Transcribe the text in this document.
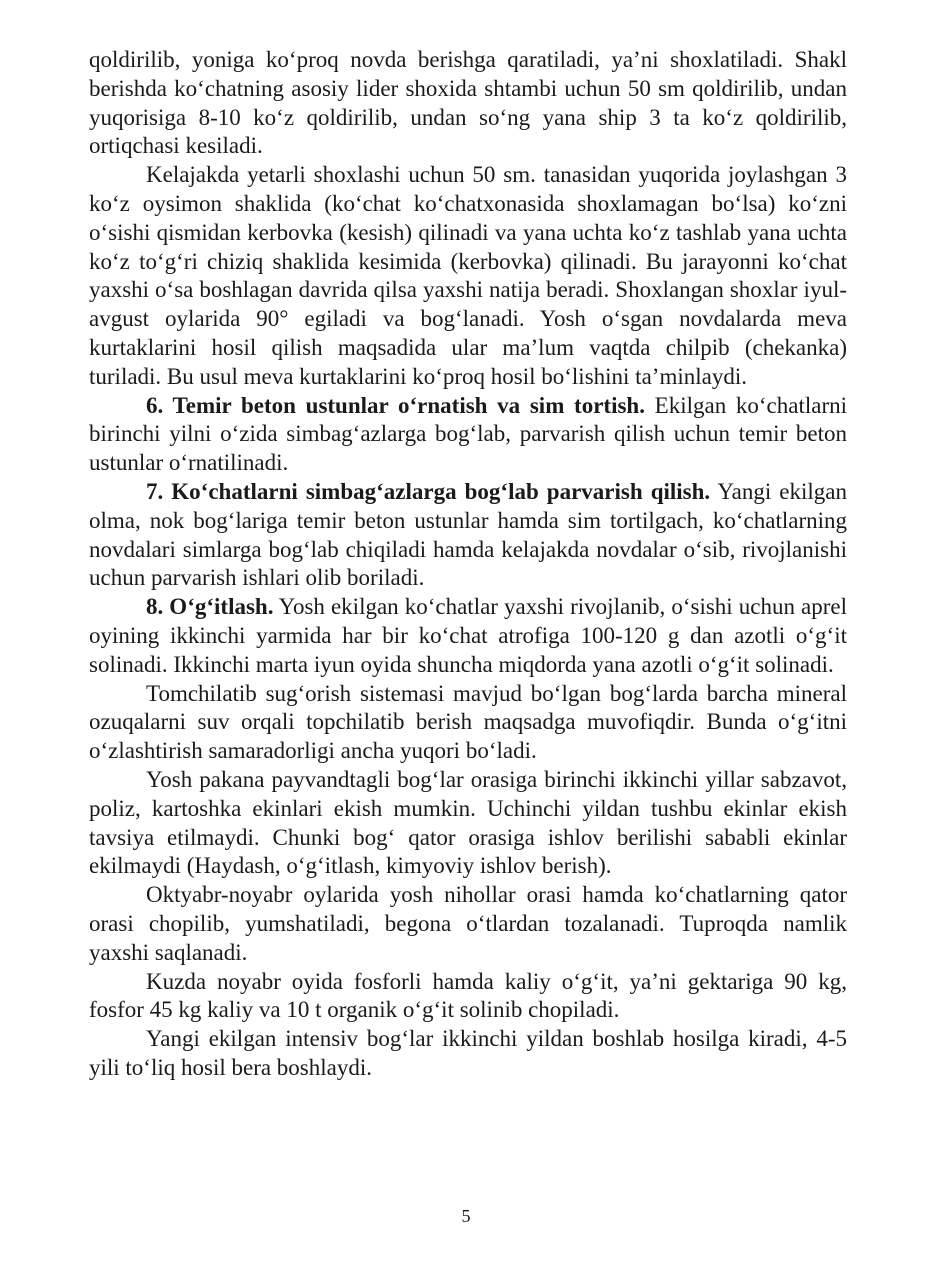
qoldirilib, yoniga ko‘proq novda berishga qaratiladi, ya’ni shoxlatiladi. Shakl berishda ko‘chatning asosiy lider shoxida shtambi uchun 50 sm qoldirilib, undan yuqorisiga 8-10 ko‘z qoldirilib, undan so‘ng yana ship 3 ta ko‘z qoldirilib, ortiqchasi kesiladi.

Kelajakda yetarli shoxlashi uchun 50 sm. tanasidan yuqorida joylashgan 3 ko‘z oysimon shaklida (ko‘chat ko‘chatxonasida shoxlamagan bo‘lsa) ko‘zni o‘sishi qismidan kerbovka (kesish) qilinadi va yana uchta ko‘z tashlab yana uchta ko‘z to‘g‘ri chiziq shaklida kesimida (kerbovka) qilinadi. Bu jarayonni ko‘chat yaxshi o‘sa boshlagan davrida qilsa yaxshi natija beradi. Shoxlangan shoxlar iyul-avgust oylarida 90° egiladi va bog‘lanadi. Yosh o‘sgan novdalarda meva kurtaklarini hosil qilish maqsadida ular ma’lum vaqtda chilpib (chekanka) turiladi. Bu usul meva kurtaklarini ko‘proq hosil bo‘lishini ta’minlaydi.

6. Temir beton ustunlar o‘rnatish va sim tortish. Ekilgan ko‘chatlarni birinchi yilni o‘zida simbag‘azlarga bog‘lab, parvarish qilish uchun temir beton ustunlar o‘rnatilinadi.

7. Ko‘chatlarni simbag‘azlarga bog‘lab parvarish qilish. Yangi ekilgan olma, nok bog‘lariga temir beton ustunlar hamda sim tortilgach, ko‘chatlarning novdalari simlarga bog‘lab chiqiladi hamda kelajakda novdalar o‘sib, rivojlanishi uchun parvarish ishlari olib boriladi.

8. O‘g‘itlash. Yosh ekilgan ko‘chatlar yaxshi rivojlanib, o‘sishi uchun aprel oyining ikkinchi yarmida har bir ko‘chat atrofiga 100-120 g dan azotli o‘g‘it solinadi. Ikkinchi marta iyun oyida shuncha miqdorda yana azotli o‘g‘it solinadi.

Tomchilatib sug‘orish sistemasi mavjud bo‘lgan bog‘larda barcha mineral ozuqalarni suv orqali topchilatib berish maqsadga muvofiqdir. Bunda o‘g‘itni o‘zlashtirish samaradorligi ancha yuqori bo‘ladi.

Yosh pakana payvandtagli bog‘lar orasiga birinchi ikkinchi yillar sabzavot, poliz, kartoshka ekinlari ekish mumkin. Uchinchi yildan tushbu ekinlar ekish tavsiya etilmaydi. Chunki bog‘ qator orasiga ishlov berilishi sababli ekinlar ekilmaydi (Haydash, o‘g‘itlash, kimyoviy ishlov berish).

Oktyabr-noyabr oylarida yosh nihollar orasi hamda ko‘chatlarning qator orasi chopilib, yumshatiladi, begona o‘tlardan tozalanadi. Tuproqda namlik yaxshi saqlanadi.

Kuzda noyabr oyida fosforli hamda kaliy o‘g‘it, ya’ni gektariga 90 kg, fosfor 45 kg kaliy va 10 t organik o‘g‘it solinib chopiladi.

Yangi ekilgan intensiv bog‘lar ikkinchi yildan boshlab hosilga kiradi, 4-5 yili to‘liq hosil bera boshlaydi.

5
